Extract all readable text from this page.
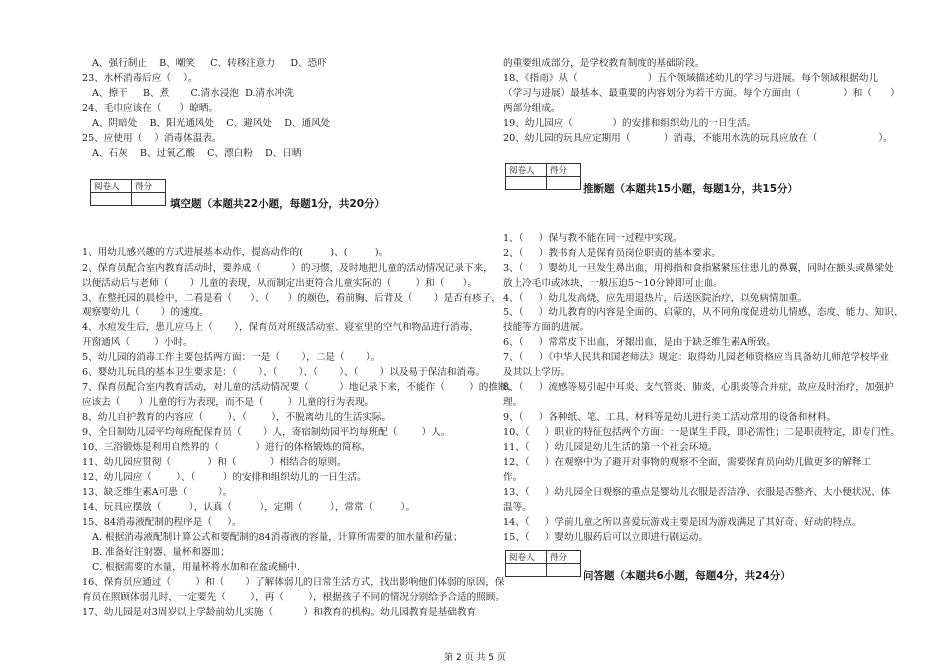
A、强行制止    B、嘲笑     C、转移注意力     D、恐吓
23、水杯消毒后应（    ）。
A、擦干     B、煮       C.清水浸泡  D.清水冲洗
24、毛巾应该在（      ）晾晒。
A、阴暗处    B、阳光通风处    C、避风处    D、通风处
25、应使用（    ）消毒体温表。
A、石灰    B、过氧乙酸    C、漂白粉    D、日晒
阅卷人	得分

填空题（本题共22小题，每题1分，共20分）
1、用幼儿感兴趣的方式进展基本动作，提高动作的(         )、(         )。
2、保育员配合室内教育活动时，要养成（          ）的习惯，及时地把儿童的活动情况记录下来，
以便活动后与老师（       ）儿童的表现，从而制定出更符合儿童实际的（        ）和（      ）。
3、在整托园的晨检中，二看是看（      ）、（      ）的颜色，看前胸、后背及（       ）是否有疹子，
观察婴幼儿（       ）的速度。
4、水痘发生后，患儿应马上（       ），保育员对班级活动室、寝室里的空气和物品进行消毒，
开窗通风（        ）小时。
5、幼儿园的消毒工作主要包括两方面：一是（       ），二是（       ）。
6、婴幼儿玩具的基本卫生要求是：（       ）、（       ）、（       ）、（       ）以及易于保洁和消毒。
7、保育员配合室内教育活动，对儿童的活动情况要（          ）地记录下来，不能作（        ）的推断，
应该去（      ）儿童的行为表现，而不是（        ）儿童的行为表现。
8、幼儿自护教育的内容应（        ）、（        ），不脱离幼儿的生活实际。
9、全日制幼儿园平均每班配保育员（       ）人，寄宿制幼园平均每班配（        ）人。
10、三浴锻炼是利用自然界的（            ）进行的体格锻炼的简称。
11、幼儿园应贯彻（            ）和（           ）相结合的原则。
12、幼儿园应（        ）、（         ）的安排和组织幼儿的一日生活。
13、缺乏维生素A可患（          ）。
14、玩具应摆放（         ），认真（         ），定期（         ），常常（         ）。
15、84消毒液配制的程序是（     ）。
A. 根据消毒液配制计算公式和要配制的84消毒液的容量，计算所需要的加水量和药量；
B. 准备好注射器、量杯和器皿；
C. 根据需要的水量，用量杯将水加和在盆或桶中.
16、保育员应通过（        ）和（       ）了解体弱儿的日常生活方式，找出影响他们体弱的原因，保
育员在照顾体弱儿时，一定要先（        ），再（        ），根据孩子不同的情况分别给予合适的照顾。
17、幼儿园是对3周岁以上学龄前幼儿实施（          ）和教育的机构。幼儿园教育是基础教育
的重要组成部分，是学校教育制度的基础阶段。
18、《指南》从（                       ）五个领域描述幼儿的学习与进展。每个领域根据幼儿
（学习与进展）最基本、最重要的内容划分为若干方面。每个方面由（              ）和（      ）
两部分组成。
19、幼儿园应（             ）的安排和组织幼儿的一日生活。
20、幼儿园的玩具应定期用（           ）消毒，不能用水洗的玩具应放在（                    ）。
阅卷人	得分

推断题（本题共15小题，每题1分，共15分）
1、（     ）保与教不能在同一过程中实现。
2、（     ）教书育人是保育员岗位职责的基本要求。
3、（     ）婴幼儿一旦发生鼻出血，用拇指和食指紧紧压住患儿的鼻翼，同时在额头或鼻梁处
放上冷毛巾或冰块，一般压迫5～10分钟即可止血。
4、（     ）幼儿发高烧，应先用退热片，后送医院治疗，以免病情加重。
5、（     ）幼儿教育的内容是全面的、启蒙的，从不同角度促进幼儿情感、态度、能力、知识、
技能等方面的进展。
6、（     ）常常皮下出血，牙龈出血，是由于缺乏维生素A所致。
7、（     ）《中华人民共和国老师法》规定：取得幼儿园老师资格应当具备幼儿师范学校毕业
及其以上学历。
8、（     ）流感等易引起中耳炎、支气管炎、肺炎、心肌炎等合并症，故应及时治疗，加强护
理。
9、（     ）各种纸、笔、工具、材料等是幼儿进行美工活动常用的设备和材料。
10、（     ）职业的特征包括两个方面：一是谋生手段，即必需性；二是职责特定，即专门性。
11、（     ）幼儿园是幼儿生活的第一个社会环境。
12、（     ）在观察中为了避开对事物的观察不全面，需要保育员向幼儿做更多的解释工
作。
13、（     ）幼儿园全日观察的重点是婴幼儿衣服是否洁净、衣服是否整齐、大小便状况、体
温等。
14、（     ）学前儿童之所以喜爱玩游戏主要是因为游戏满足了其好奇、好动的特点。
15、（     ）婴幼儿服药后可以立即进行剧运动。
阅卷人	得分

问答题（本题共6小题，每题4分，共24分）
第 2 页 共 5 页
